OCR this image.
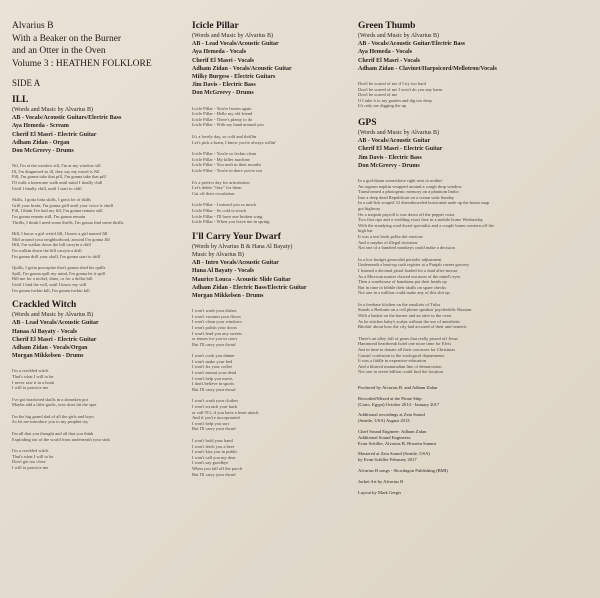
Alvarius B
With a Beaker on the Burner
and an Otter in the Oven
Volume 3 : HEATHEN FOLKLORE
SIDE A
ILL
(Words and Music by Alvarius B)
AB - Vocals/Acoustic Guitars/Electric Bass
Aya Hemeda - Scream
Cherif El Masri - Electric Guitar
Adham Zidan - Organ
Don McGreevy - Drums
Nil, I'm at the window sill, I'm at my window sill
Ill, I'm diagnosed as ill, they say my mood is Nil
Pill, I'm gonna take that pill, I'm gonna take that pill
I'll walk a lonesome walk until mind I finally chill
Until I finally chill, until I start to chill
Skills, I gotta lotta skills, I gotta lot of skills
Grill your brain, I'm gonna grill until your voice is shrill
Fill, I think I've had my fill, I'm gonna remain still
I'm gonna remain still, I'm gonna remain
Thrills, I think I need some thrills, I'm gonna find some thrills
Hill, I know a girl weird Jill, I know a girl named Jill
Miff around your neighborhood, around I'm gonna Jill
Hill, I'm walkin down the hill carryin a drill
I'm walkin down the hill carryin a drill
I'm gonna drill your skull, I'm gonna start to drill
Quills, I gotta porcupine that's gonna shed his quills
Spill, I'm gonna spill my mind, I'm gonna let it spill
Bill me for a nickel, dime, or for a dollar bill
Until I find the will, until I know my will
I'm gonna fuckin kill, I'm gonna fuckin kill
Crackled Witch
(Words and Music by Alvarius B)
AB - Lead Vocals/Acoustic Guitar
Hanaa Al Bayaty - Vocals
Cherif El Masri - Electric Guitar
Adham Zidan - Vocals/Organ
Morgan Mikkelsen - Drums
I'm a crackled witch
That's what I will to be
I never saw it in a book
I will to practice me
I've got bracketed skulls in a shrunken pot
Maybe add a little garlic, now does hit the spot
I'm the big grand dad of all the girls and boys
So let me introduce you to my prophet toy
I'm all that you thought and all that you think
Exploding out of the world from underneath your sink
I'm a crackled witch
That's what I will to be
Don't get too close
I will to practice me
Icicle Pillar
(Words and Music by Alvarius B)
AB - Lead Vocals/Acoustic Guitar
Aya Hemeda - Vocals
Cherif El Masri - Vocals
Adham Zidan - Vocals/Acoustic Guitar
Milky Burgess - Electric Guitars
Jim Davis - Electric Bass
Don McGreevy - Drums
Icicle Pillar - You're frozen again
Icicle Pillar - Hello my old friend
Icicle Pillar - There's plenty to do
Icicle Pillar - With my hand around you
It's a lovely day, so cold and thrillin
Let's pick a brain, I know you're always willin'
Icicle Pillar - You're so feckin clean
Icicle Pillar - My killer machine
Icicle Pillar - You melt in their mouths
Icicle Pillar - You're in there you're out
It's a perfect day for articulation
Let's delete "they" for them
Cut off their circulation
Icicle Pillar - I missed you so much
Icicle Pillar - So cold to touch
Icicle Pillar - I'll have one broken wing
Icicle Pillar - When you leave me in spring
I'll Carry Your Dwarf
(Words by Alvarius B & Hana Al Bayaty)
Music by Alvarius B)
AB - Intro Vocals/Acoustic Guitar
Hana Al Bayaty - Vocals
Maurice Louca - Acoustic Slide Guitar
Adham Zidan - Electric Bass/Electric Guitar
Morgan Mikkelsen - Drums
I won't wash your dishes
I won't vacuum your floors
I won't clean your windows
I won't polish your doors
I won't lend you any sweets
or tenses for you in court
But I'll carry your dwarf
I won't cook you dinner
I won't make your bed
I won't fix your coffee
I won't mount your dead
I won't help you move,
I don't believe in sports
But I'll carry your dwarf
I won't wash your clothes
I won't scratch your back
or call 911, if you have a heart attack
And if you're incorporated
I won't help you sort
But I'll carry your dwarf
I won't hold your hand
I won't fetch you a beer
I won't kiss you in public
I won't call you my dear
I won't say goodbye
When you fall off the porch
But I'll carry your dwarf
Green Thumb
(Words and Music by Alvarius B)
AB - Vocals/Acoustic Guitar/Electric Bass
Aya Hemeda - Vocals
Cherif El Masri - Vocals
Adham Zidan - Clavinet/Harpsicord/Mellotron/Vocals
Don't be scared of me if I try too hard
Don't be scared of me I won't do you any harm
Don't be scared of me
If I take it to my garden and dig too deep
It's only me digging the up
GPS
(Words and Music by Alvarius B)
AB - Vocals/Acoustic Guitar
Cherif El Masri - Electric Guitar
Jim Davis - Electric Bass
Don McGreevy - Drums
In a god-damn somewhere right next to nothin'
An orgasm napkin wrapped around a cough drop window
Transformed a photogenic memory on a phantom limbo
Into a deep dead Republican on a cream soda Sunday
In a salt-lick souped 33 disemboweled horizontal nude up the house map
got highway
On a traipsin payroll it was dawn off the pepper coast
Two first rips and a wedding exact fuse in a mobile home Wednesday
With the steadying road dwarf specialist and a couple bones western off the
high hat
It was a test book polka dot envious
And a surplus of illegal incisions
Not one of a hundred monkeys could make a decision
In a low budget genocidal periodic adjustment
Underneath a beat-up cash register at a Punjab corner grocery
I learned a decimal pistol loaded for a dual after-moose
As a Mexican master clawed out most of the mind's eyes
Then a warehouse of bandanas put their heads up
But in time to kibble their skulls on spare checks
Not one in a million could make any of this shit up
In a freebase kitchen on the outskirts of Tulsa
Stands a Bedouin on a cell phone speakin' psychedelic Russian
With a basket on the burner and an otter in the oven
As he stitches baby's scalps without the use of anesthetic
Bitchin' about how the city had accused of their anti-semetic
There's an alley full of gears that really pissed off Jesus
Hammond heartbreak hotel one more time for Elvis
Just in time to donate all their carcasses for Christmas
Causin' confusion to the zoological departments
It was a fiddle in expensive education
And a blurred mammalian line of demarcation
Not one in seven billion could find the location
Produced by Alvarius B. and Adham Zidan
Recorded/Mixed at the Pirate Ship
(Cairo, Egypt) October 2014 - January 2017
Additional recordings at Zeta Sound
(Seattle, USA) August 2013
Chief Sound Engineer: Adham Zidan
Additional Sound Engineers:
Evan Schiller, Alvarius B, Hossein Sammi
Mastered at Zeta Sound (Seattle, USA)
by Evan Schiller February 2017
Alvarius B songs - Slowdagon Publishing (BMI)
Jacket Art by Alvarius B
Layout by Mark Gergis
